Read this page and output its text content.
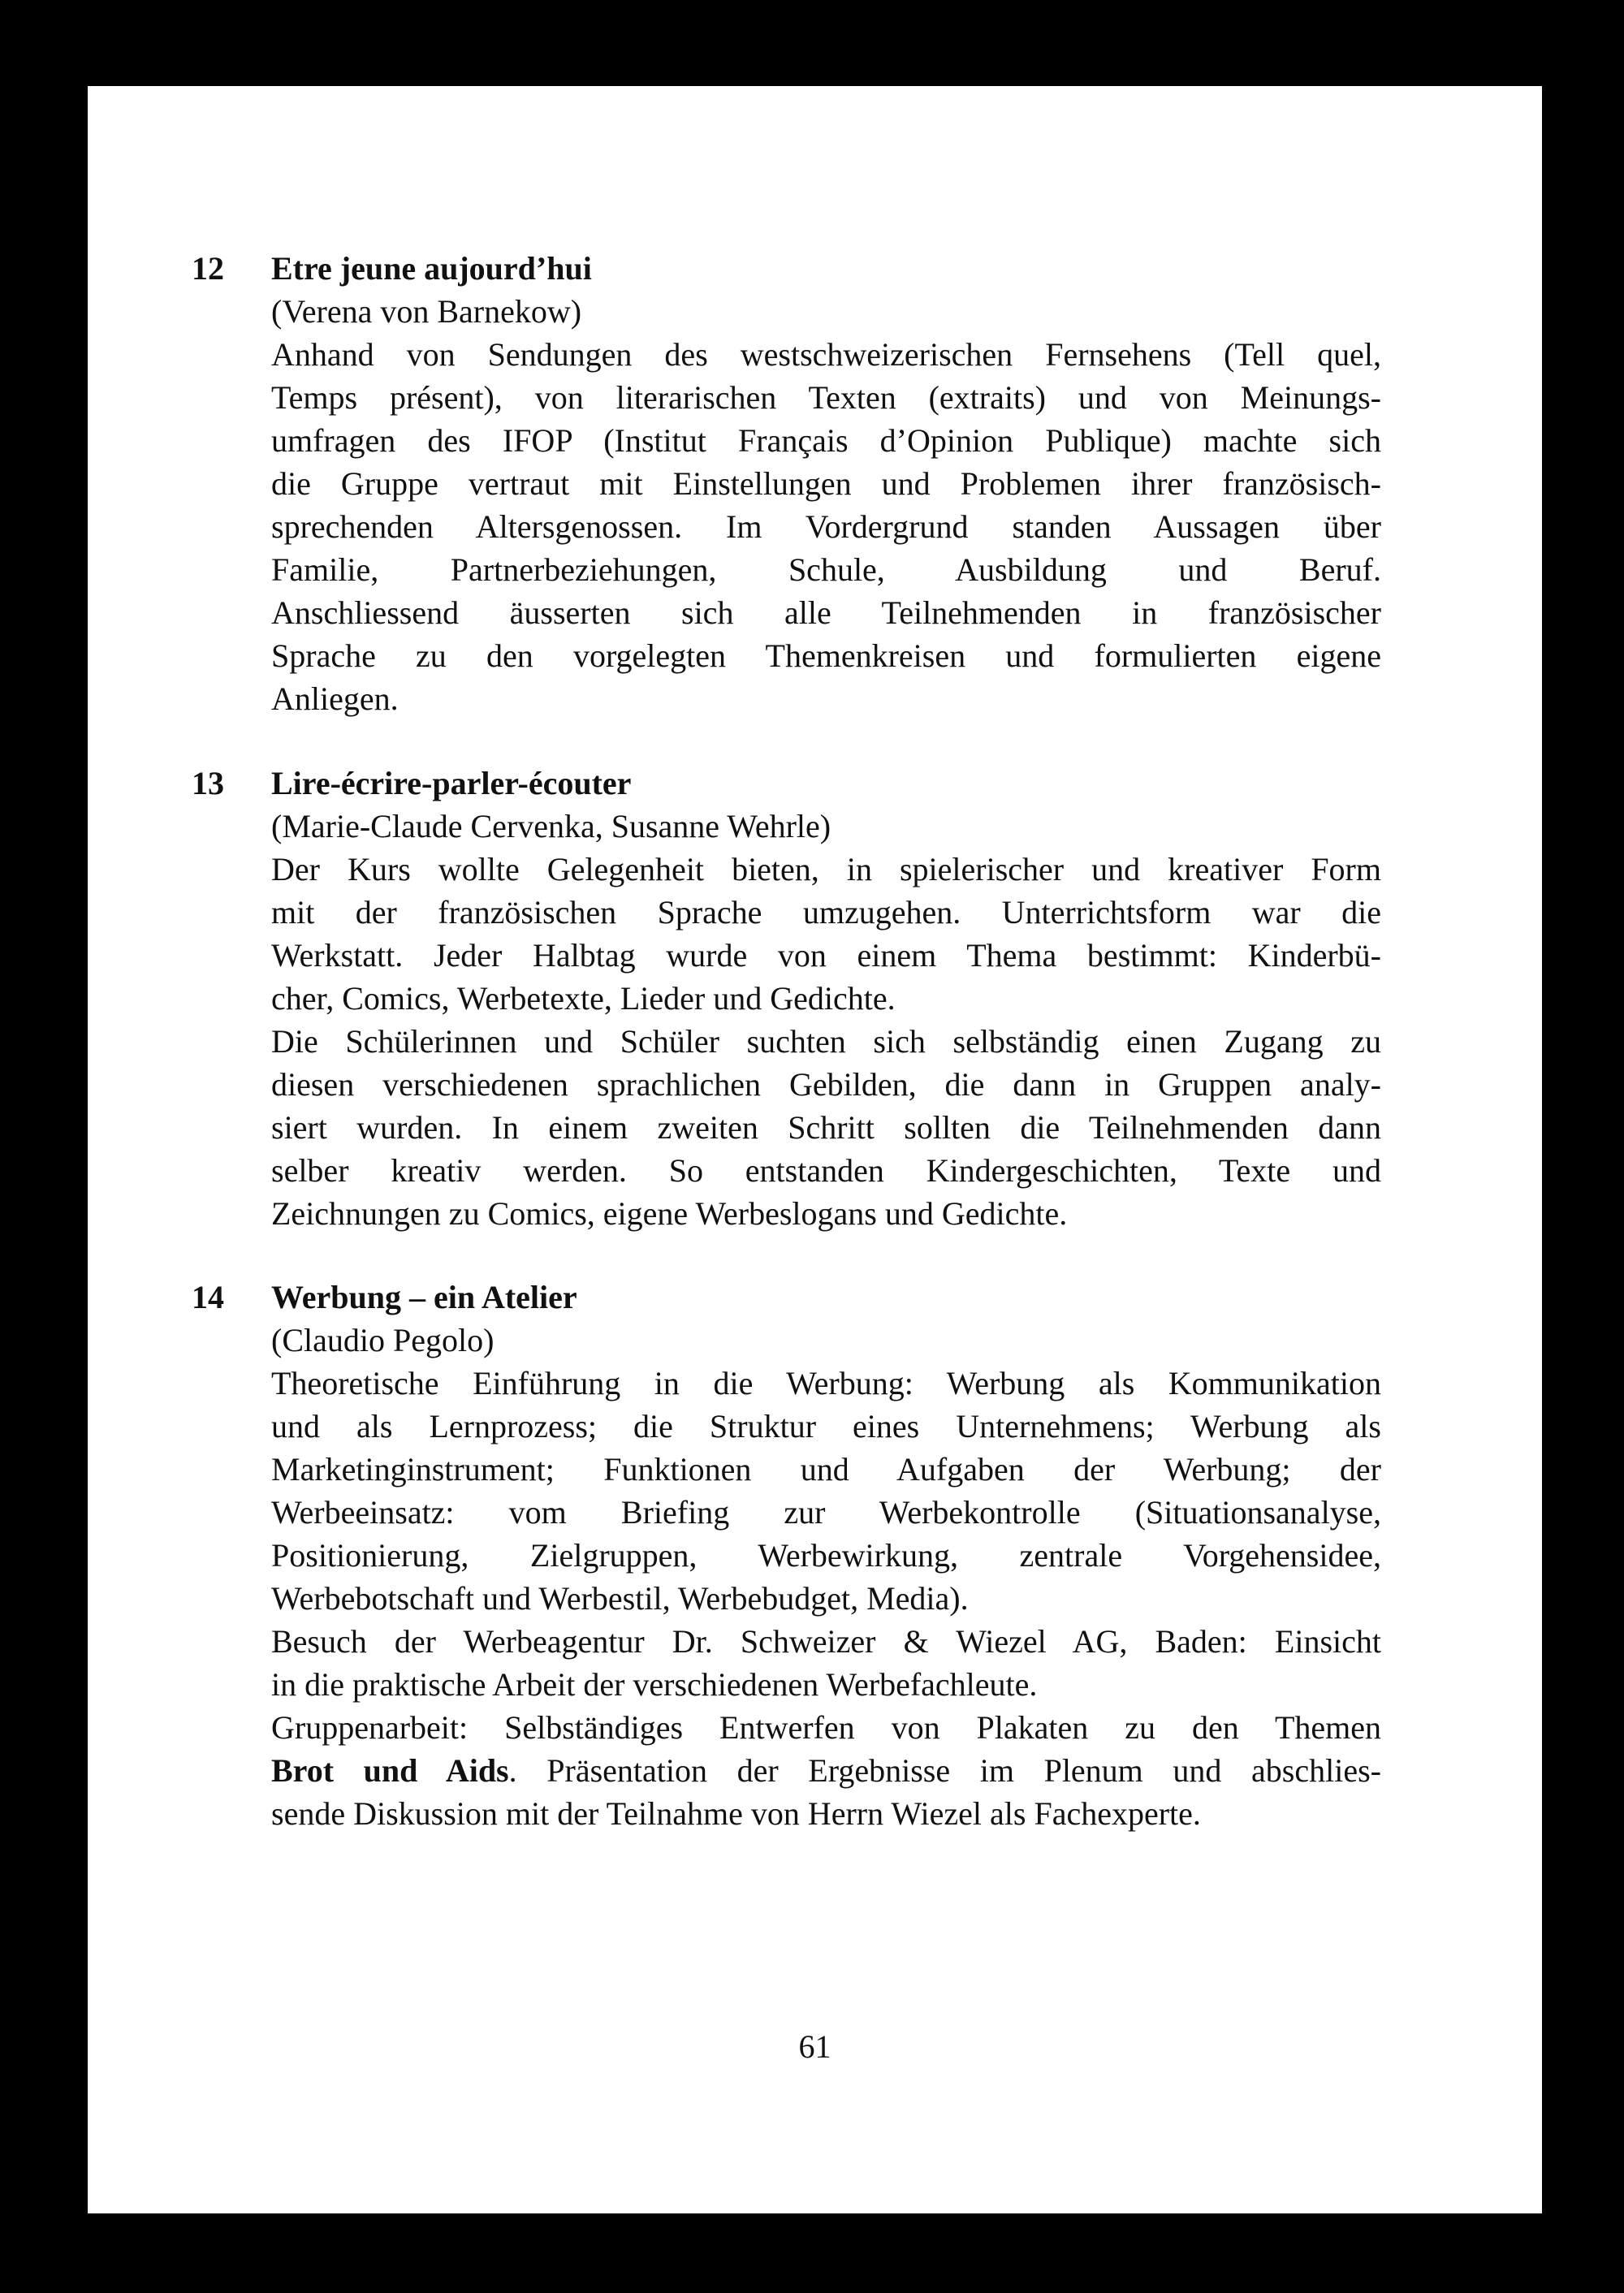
12 Etre jeune aujourd’hui
(Verena von Barnekow)
Anhand von Sendungen des westschweizerischen Fernsehens (Tell quel,
Temps présent), von literarischen Texten (extraits) und von Meinungs-
umfragen des IFOP (Institut Français d’Opinion Publique) machte sich
die Gruppe vertraut mit Einstellungen und Problemen ihrer französisch-
sprechenden Altersgenossen. Im Vordergrund standen Aussagen über
Familie, Partnerbeziehungen, Schule, Ausbildung und Beruf.
Anschliessend äusserten sich alle Teilnehmenden in französischer
Sprache zu den vorgelegten Themenkreisen und formulierten eigene
Anliegen.
13 Lire-écrire-parler-écouter
(Marie-Claude Cervenka, Susanne Wehrle)
Der Kurs wollte Gelegenheit bieten, in spielerischer und kreativer Form
mit der französischen Sprache umzugehen. Unterrichtsform war die
Werkstatt. Jeder Halbtag wurde von einem Thema bestimmt: Kinderbü-
cher, Comics, Werbetexte, Lieder und Gedichte.
Die Schülerinnen und Schüler suchten sich selbständig einen Zugang zu
diesen verschiedenen sprachlichen Gebilden, die dann in Gruppen analy-
siert wurden. In einem zweiten Schritt sollten die Teilnehmenden dann
selber kreativ werden. So entstanden Kindergeschichten, Texte und
Zeichnungen zu Comics, eigene Werbeslogans und Gedichte.
14 Werbung – ein Atelier
(Claudio Pegolo)
Theoretische Einführung in die Werbung: Werbung als Kommunikation
und als Lernprozess; die Struktur eines Unternehmens; Werbung als
Marketinginstrument; Funktionen und Aufgaben der Werbung; der
Werbeeinsatz: vom Briefing zur Werbekontrolle (Situationsanalyse,
Positionierung, Zielgruppen, Werbewirkung, zentrale Vorgehensidee,
Werbebotschaft und Werbestil, Werbebudget, Media).
Besuch der Werbeagentur Dr. Schweizer & Wiezel AG, Baden: Einsicht
in die praktische Arbeit der verschiedenen Werbefachleute.
Gruppenarbeit: Selbständiges Entwerfen von Plakaten zu den Themen
Brot und Aids. Präsentation der Ergebnisse im Plenum und abschlies-
sende Diskussion mit der Teilnahme von Herrn Wiezel als Fachexperte.
61
